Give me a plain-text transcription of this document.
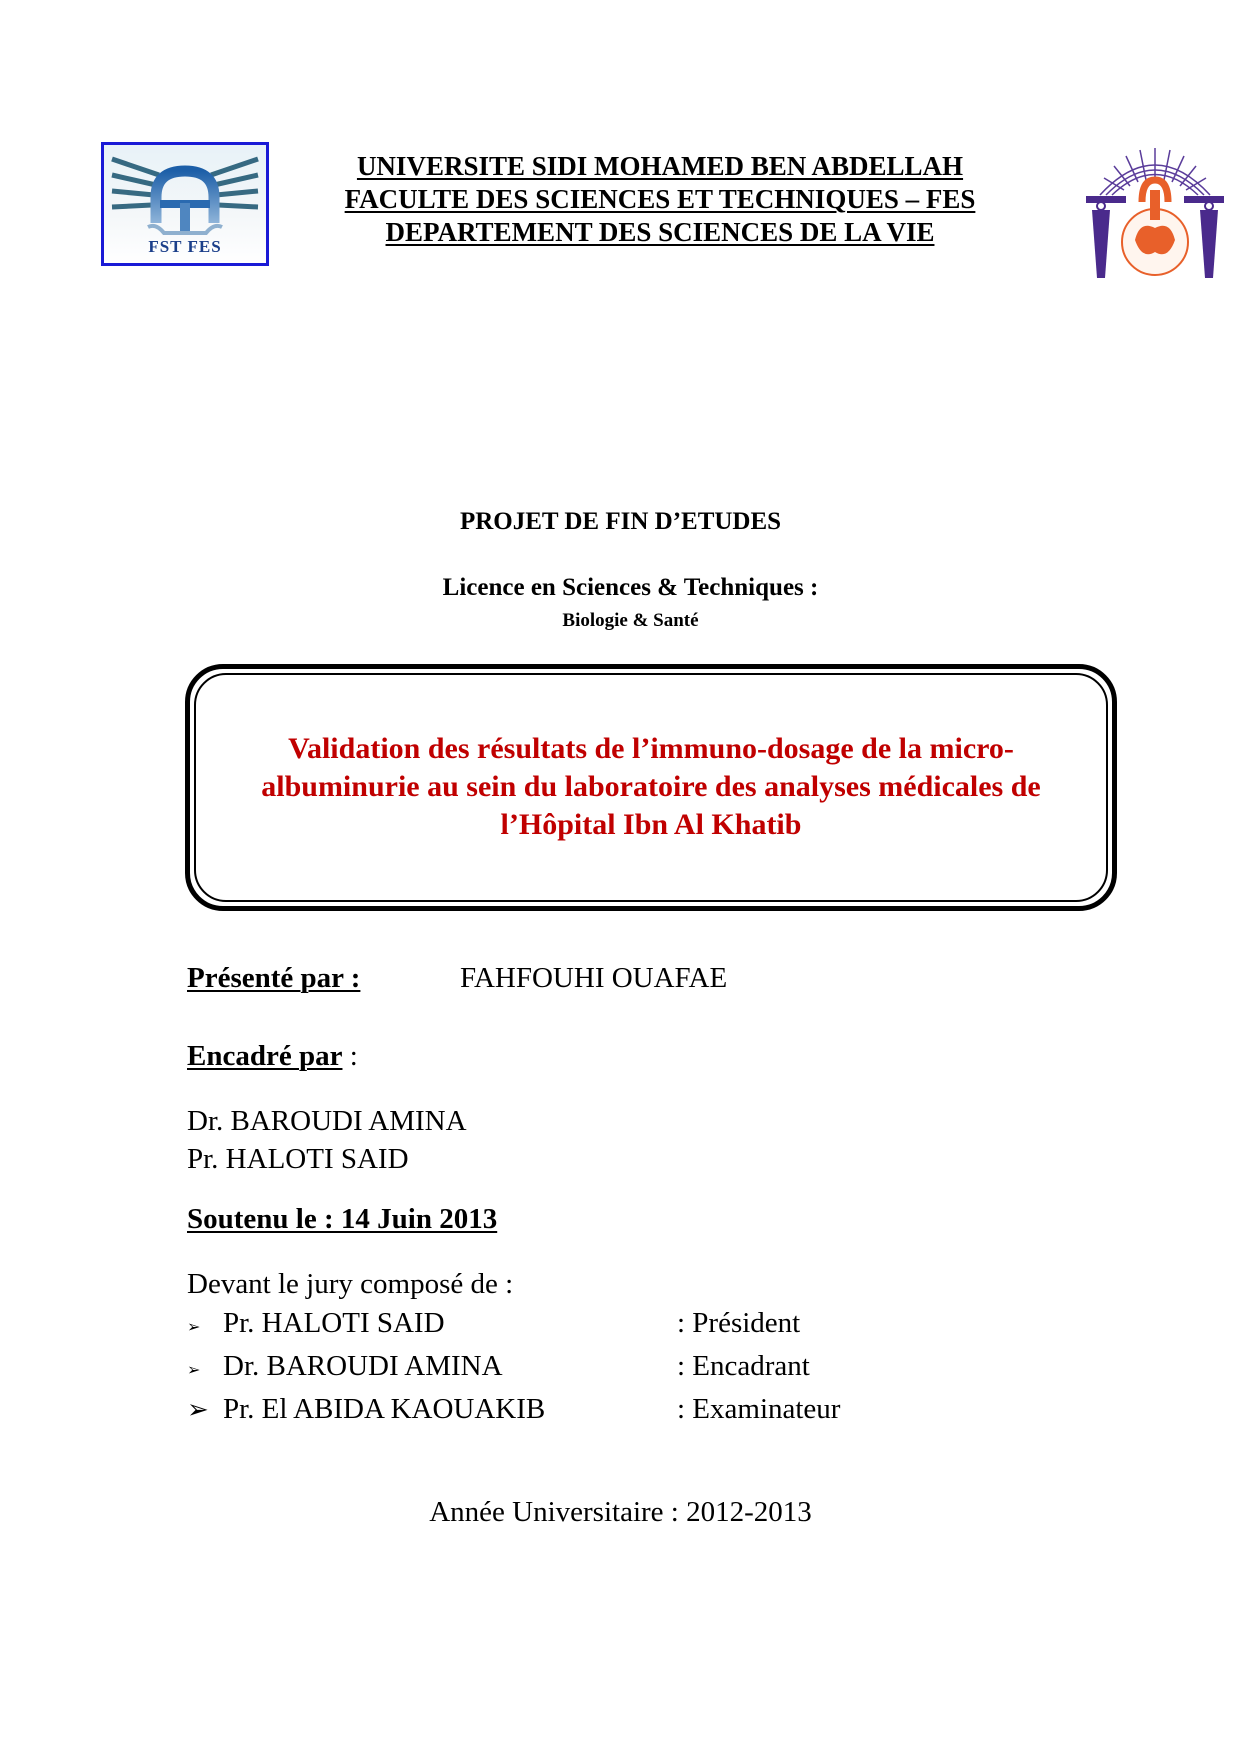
FST FES
UNIVERSITE SIDI MOHAMED BEN ABDELLAH
FACULTE DES SCIENCES ET TECHNIQUES – FES
DEPARTEMENT DES SCIENCES DE LA VIE
PROJET DE FIN D’ETUDES
Licence en Sciences & Techniques :
Biologie & Santé
Validation des résultats de l’immuno-dosage de la micro-
albuminurie au sein du laboratoire des analyses médicales de
l’Hôpital Ibn Al Khatib
Présenté par :	FAHFOUHI OUAFAE
Encadré par :
Dr. BAROUDI AMINA
Pr. HALOTI SAID
Soutenu le : 14 Juin 2013
Devant le jury composé de :
➢ Pr. HALOTI SAID	: Président
➢ Dr. BAROUDI AMINA	: Encadrant
➢ Pr. El ABIDA KAOUAKIB	: Examinateur
Année Universitaire : 2012-2013
